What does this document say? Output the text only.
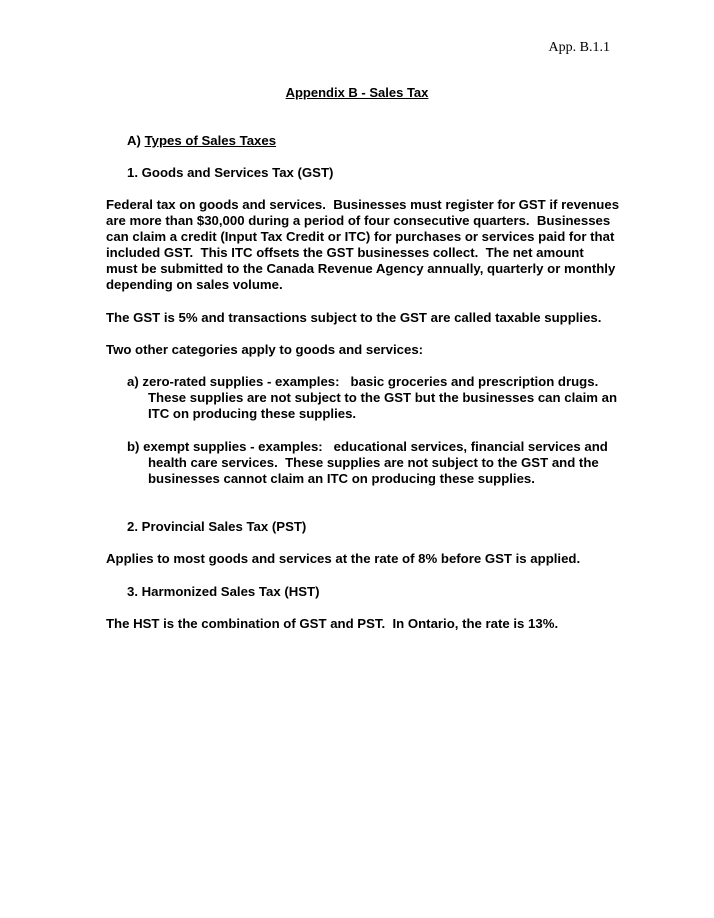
App. B.1.1
Appendix B - Sales Tax
A) Types of Sales Taxes
1. Goods and Services Tax (GST)
Federal tax on goods and services.  Businesses must register for GST if revenues
are more than $30,000 during a period of four consecutive quarters.  Businesses
can claim a credit (Input Tax Credit or ITC) for purchases or services paid for that
included GST.  This ITC offsets the GST businesses collect.  The net amount
must be submitted to the Canada Revenue Agency annually, quarterly or monthly
depending on sales volume.
The GST is 5% and transactions subject to the GST are called taxable supplies.
Two other categories apply to goods and services:
a) zero-rated supplies - examples:   basic groceries and prescription drugs.
These supplies are not subject to the GST but the businesses can claim an
ITC on producing these supplies.
b) exempt supplies - examples:   educational services, financial services and
health care services.  These supplies are not subject to the GST and the
businesses cannot claim an ITC on producing these supplies.
2. Provincial Sales Tax (PST)
Applies to most goods and services at the rate of 8% before GST is applied.
3. Harmonized Sales Tax (HST)
The HST is the combination of GST and PST.  In Ontario, the rate is 13%.
